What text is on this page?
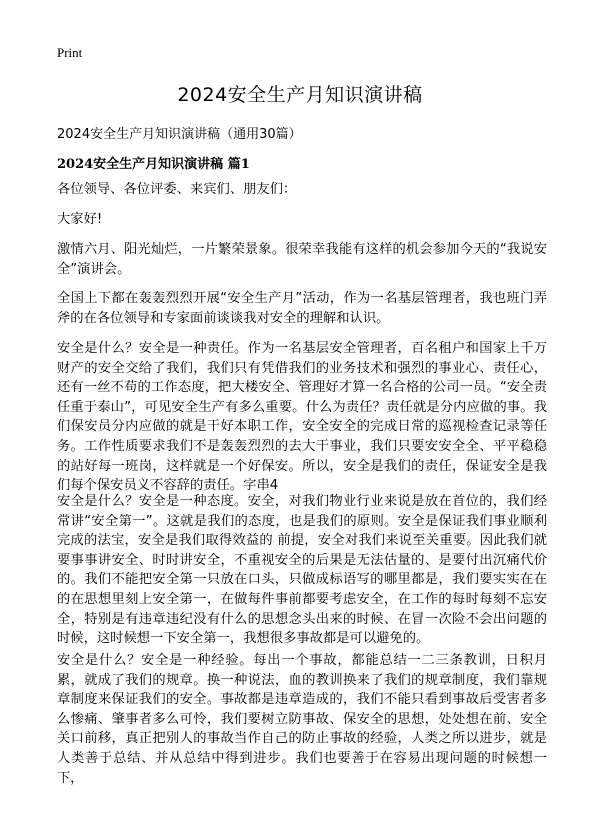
Print
2024安全生产月知识演讲稿
2024安全生产月知识演讲稿（通用30篇）
2024安全生产月知识演讲稿 篇1
各位领导、各位评委、来宾们、朋友们：
大家好!
激情六月、阳光灿烂，一片繁荣景象。很荣幸我能有这样的机会参加今天的“我说安全”演讲会。
全国上下都在轰轰烈烈开展“安全生产月”活动，作为一名基层管理者，我也班门弄斧的在各位领导和专家面前谈谈我对安全的理解和认识。
安全是什么？安全是一种责任。作为一名基层安全管理者，百名租户和国家上千万财产的安全交给了我们，我们只有凭借我们的业务技术和强烈的事业心、责任心，还有一丝不苟的工作态度，把大楼安全、管理好才算一名合格的公司一员。“安全责任重于泰山”，可见安全生产有多么重要。什么为责任？责任就是分内应做的事。我们保安员分内应做的就是干好本职工作，安全安全的完成日常的巡视检查记录等任务。工作性质要求我们不是轰轰烈烈的去大干事业，我们只要安安全全、平平稳稳的站好每一班岗，这样就是一个好保安。所以，安全是我们的责任，保证安全是我们每个保安员义不容辞的责任。字串4
安全是什么？安全是一种态度。安全，对我们物业行业来说是放在首位的，我们经常讲“安全第一”。这就是我们的态度，也是我们的原则。安全是保证我们事业顺利完成的法宝，安全是我们取得效益的 前提，安全对我们来说至关重要。因此我们就要事事讲安全、时时讲安全，不重视安全的后果是无法估量的、是要付出沉痛代价的。我们不能把安全第一只放在口头，只做成标语写的哪里都是，我们要实实在在的在思想里刻上安全第一，在做每件事前都要考虑安全，在工作的每时每刻不忘安全，特别是有违章违纪没有什么的思想念头出来的时候、在冒一次险不会出问题的时候，这时候想一下安全第一，我想很多事故都是可以避免的。
安全是什么？安全是一种经验。每出一个事故，都能总结一二三条教训，日积月累，就成了我们的规章。换一种说法，血的教训换来了我们的规章制度，我们靠规章制度来保证我们的安全。事故都是违章造成的，我们不能只看到事故后受害者多么惨痛、肇事者多么可怜，我们要树立防事故、保安全的思想，处处想在前、安全关口前移，真正把别人的事故当作自己的防止事故的经验，人类之所以进步，就是人类善于总结、并从总结中得到进步。我们也要善于在容易出现问题的时候想一下，
